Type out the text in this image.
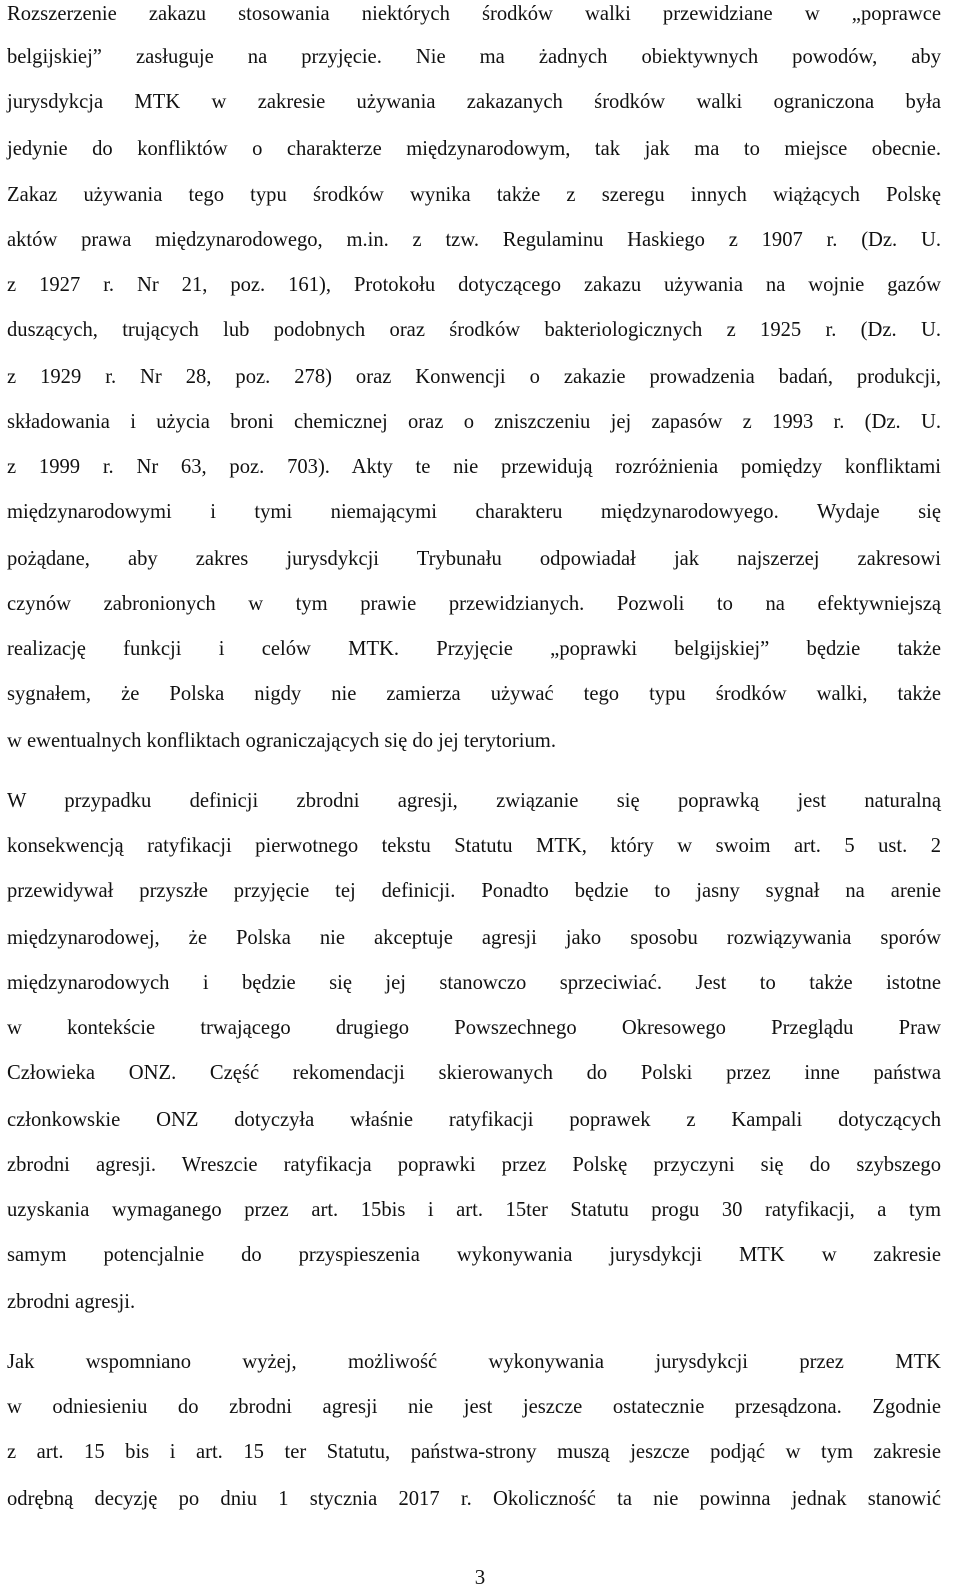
Rozszerzenie zakazu stosowania niektórych środków walki przewidziane w „poprawce
belgijskiej” zasługuje na przyjęcie. Nie ma żadnych obiektywnych powodów, aby
jurysdykcja MTK w zakresie używania zakazanych środków walki ograniczona była
jedynie do konfliktów o charakterze międzynarodowym, tak jak ma to miejsce obecnie.
Zakaz używania tego typu środków wynika także z szeregu innych wiążących Polskę
aktów prawa międzynarodowego, m.in. z tzw. Regulaminu Haskiego z 1907 r. (Dz. U.
z 1927 r. Nr 21, poz. 161), Protokołu dotyczącego zakazu używania na wojnie gazów
duszących, trujących lub podobnych oraz środków bakteriologicznych z 1925 r. (Dz. U.
z 1929 r. Nr 28, poz. 278) oraz Konwencji o zakazie prowadzenia badań, produkcji,
składowania i użycia broni chemicznej oraz o zniszczeniu jej zapasów z 1993 r. (Dz. U.
z 1999 r. Nr 63, poz. 703). Akty te nie przewidują rozróżnienia pomiędzy konfliktami
międzynarodowymi i tymi niemającymi charakteru międzynarodowyego. Wydaje się
pożądane, aby zakres jurysdykcji Trybunału odpowiadał jak najszerzej zakresowi
czynów zabronionych w tym prawie przewidzianych. Pozwoli to na efektywniejszą
realizację funkcji i celów MTK. Przyjęcie „poprawki belgijskiej” będzie także
sygnałem, że Polska nigdy nie zamierza używać tego typu środków walki, także
w ewentualnych konfliktach ograniczających się do jej terytorium.
W przypadku definicji zbrodni agresji, związanie się poprawką jest naturalną
konsekwencją ratyfikacji pierwotnego tekstu Statutu MTK, który w swoim art. 5 ust. 2
przewidywał przyszłe przyjęcie tej definicji. Ponadto będzie to jasny sygnał na arenie
międzynarodowej, że Polska nie akceptuje agresji jako sposobu rozwiązywania sporów
międzynarodowych i będzie się jej stanowczo sprzeciwiać. Jest to także istotne
w kontekście trwającego drugiego Powszechnego Okresowego Przeglądu Praw
Człowieka ONZ. Część rekomendacji skierowanych do Polski przez inne państwa
członkowskie ONZ dotyczyła właśnie ratyfikacji poprawek z Kampali dotyczących
zbrodni agresji. Wreszcie ratyfikacja poprawki przez Polskę przyczyni się do szybszego
uzyskania wymaganego przez art. 15bis i art. 15ter Statutu progu 30 ratyfikacji, a tym
samym potencjalnie do przyspieszenia wykonywania jurysdykcji MTK w zakresie
zbrodni agresji.
Jak wspomniano wyżej, możliwość wykonywania jurysdykcji przez MTK
w odniesieniu do zbrodni agresji nie jest jeszcze ostatecznie przesądzona. Zgodnie
z art. 15 bis i art. 15 ter Statutu, państwa-strony muszą jeszcze podjąć w tym zakresie
odrębną decyzję po dniu 1 stycznia 2017 r. Okoliczność ta nie powinna jednak stanowić
3
